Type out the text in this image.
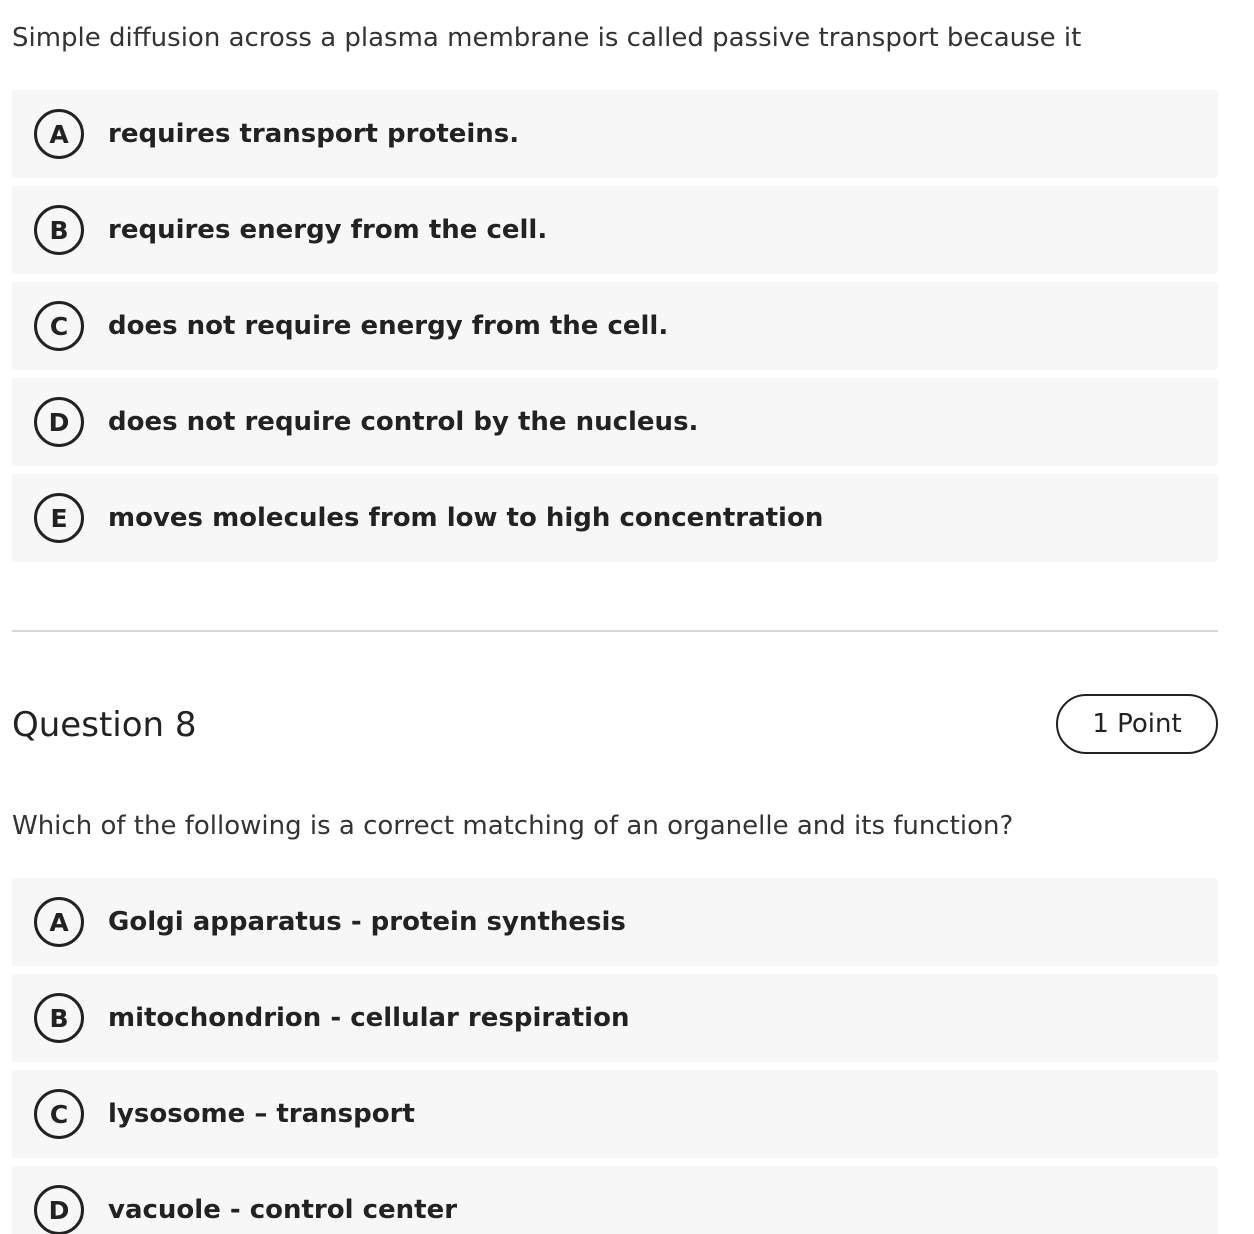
Simple diffusion across a plasma membrane is called passive transport because it
A	requires transport proteins.
B	requires energy from the cell.
C	does not require energy from the cell.
D	does not require control by the nucleus.
E	moves molecules from low to high concentration
Question 8	1 Point
Which of the following is a correct matching of an organelle and its function?
A	Golgi apparatus - protein synthesis
B	mitochondrion - cellular respiration
C	lysosome – transport
D	vacuole - control center
